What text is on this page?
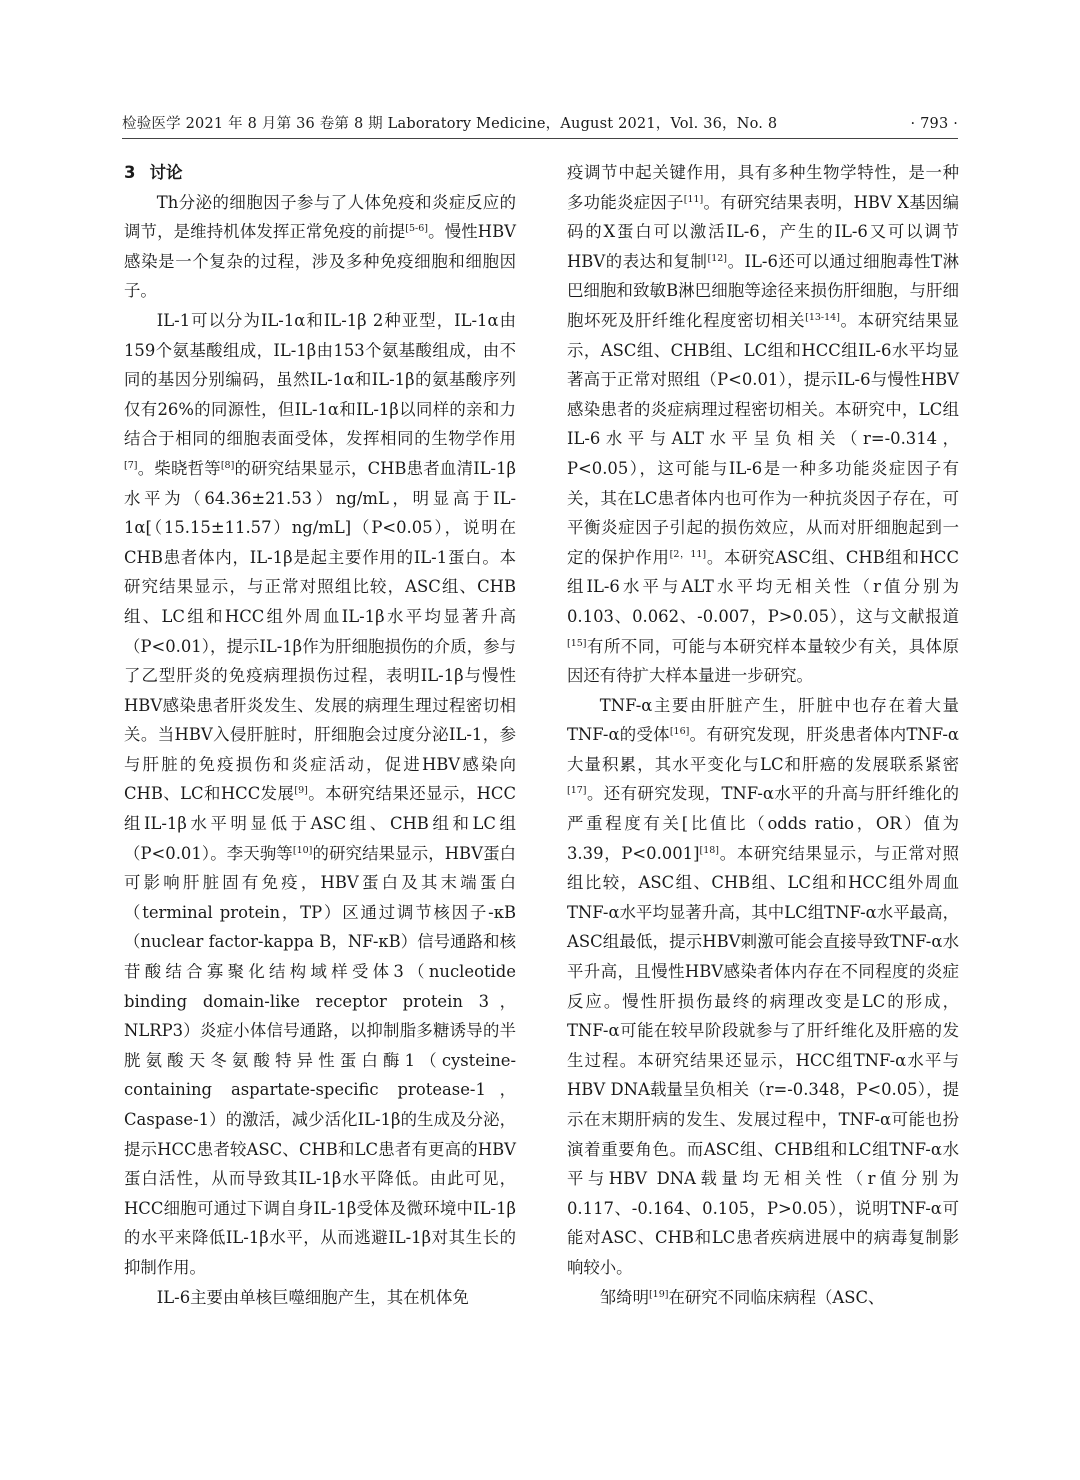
检验医学 2021 年 8 月第 36 卷第 8 期 Laboratory Medicine，August 2021，Vol. 36，No. 8	· 793 ·
3 讨论

Th分泌的细胞因子参与了人体免疫和炎症反应的调节，是维持机体发挥正常免疫的前提[5-6]。慢性HBV感染是一个复杂的过程，涉及多种免疫细胞和细胞因子。

IL-1可以分为IL-1α和IL-1β 2种亚型，IL-1α由159个氨基酸组成，IL-1β由153个氨基酸组成，由不同的基因分别编码，虽然IL-1α和IL-1β的氨基酸序列仅有26%的同源性，但IL-1α和IL-1β以同样的亲和力结合于相同的细胞表面受体，发挥相同的生物学作用[7]。柴晓哲等[8]的研究结果显示，CHB患者血清IL-1β水平为（64.36±21.53）ng/mL，明显高于IL-1α[（15.15±11.57）ng/mL]（P<0.05），说明在CHB患者体内，IL-1β是起主要作用的IL-1蛋白。本研究结果显示，与正常对照组比较，ASC组、CHB组、LC组和HCC组外周血IL-1β水平均显著升高（P<0.01），提示IL-1β作为肝细胞损伤的介质，参与了乙型肝炎的免疫病理损伤过程，表明IL-1β与慢性HBV感染患者肝炎发生、发展的病理生理过程密切相关。当HBV入侵肝脏时，肝细胞会过度分泌IL-1，参与肝脏的免疫损伤和炎症活动，促进HBV感染向CHB、LC和HCC发展[9]。本研究结果还显示，HCC组IL-1β水平明显低于ASC组、CHB组和LC组（P<0.01）。李天驹等[10]的研究结果显示，HBV蛋白可影响肝脏固有免疫，HBV蛋白及其末端蛋白（terminal protein，TP）区通过调节核因子-κB（nuclear factor-kappa B，NF-κB）信号通路和核苷酸结合寡聚化结构域样受体3（nucleotide binding domain-like receptor protein 3，NLRP3）炎症小体信号通路，以抑制脂多糖诱导的半胱氨酸天冬氨酸特异性蛋白酶1（cysteine-containing aspartate-specific protease-1，Caspase-1）的激活，减少活化IL-1β的生成及分泌，提示HCC患者较ASC、CHB和LC患者有更高的HBV蛋白活性，从而导致其IL-1β水平降低。由此可见，HCC细胞可通过下调自身IL-1β受体及微环境中IL-1β的水平来降低IL-1β水平，从而逃避IL-1β对其生长的抑制作用。

IL-6主要由单核巨噬细胞产生，其在机体免

疫调节中起关键作用，具有多种生物学特性，是一种多功能炎症因子[11]。有研究结果表明，HBV X基因编码的X蛋白可以激活IL-6，产生的IL-6又可以调节HBV的表达和复制[12]。IL-6还可以通过细胞毒性T淋巴细胞和致敏B淋巴细胞等途径来损伤肝细胞，与肝细胞坏死及肝纤维化程度密切相关[13-14]。本研究结果显示，ASC组、CHB组、LC组和HCC组IL-6水平均显著高于正常对照组（P<0.01），提示IL-6与慢性HBV感染患者的炎症病理过程密切相关。本研究中，LC组IL-6水平与ALT水平呈负相关（r=-0.314，P<0.05），这可能与IL-6是一种多功能炎症因子有关，其在LC患者体内也可作为一种抗炎因子存在，可平衡炎症因子引起的损伤效应，从而对肝细胞起到一定的保护作用[2，11]。本研究ASC组、CHB组和HCC组IL-6水平与ALT水平均无相关性（r值分别为0.103、0.062、-0.007，P>0.05），这与文献报道[15]有所不同，可能与本研究样本量较少有关，具体原因还有待扩大样本量进一步研究。

TNF-α主要由肝脏产生，肝脏中也存在着大量TNF-α的受体[16]。有研究发现，肝炎患者体内TNF-α大量积累，其水平变化与LC和肝癌的发展联系紧密[17]。还有研究发现，TNF-α水平的升高与肝纤维化的严重程度有关[比值比（odds ratio，OR）值为3.39，P<0.001][18]。本研究结果显示，与正常对照组比较，ASC组、CHB组、LC组和HCC组外周血TNF-α水平均显著升高，其中LC组TNF-α水平最高，ASC组最低，提示HBV刺激可能会直接导致TNF-α水平升高，且慢性HBV感染者体内存在不同程度的炎症反应。慢性肝损伤最终的病理改变是LC的形成，TNF-α可能在较早阶段就参与了肝纤维化及肝癌的发生过程。本研究结果还显示，HCC组TNF-α水平与HBV DNA载量呈负相关（r=-0.348，P<0.05），提示在末期肝病的发生、发展过程中，TNF-α可能也扮演着重要角色。而ASC组、CHB组和LC组TNF-α水平与HBV DNA载量均无相关性（r值分别为0.117、-0.164、0.105，P>0.05），说明TNF-α可能对ASC、CHB和LC患者疾病进展中的病毒复制影响较小。

邹绮明[19]在研究不同临床病程（ASC、
